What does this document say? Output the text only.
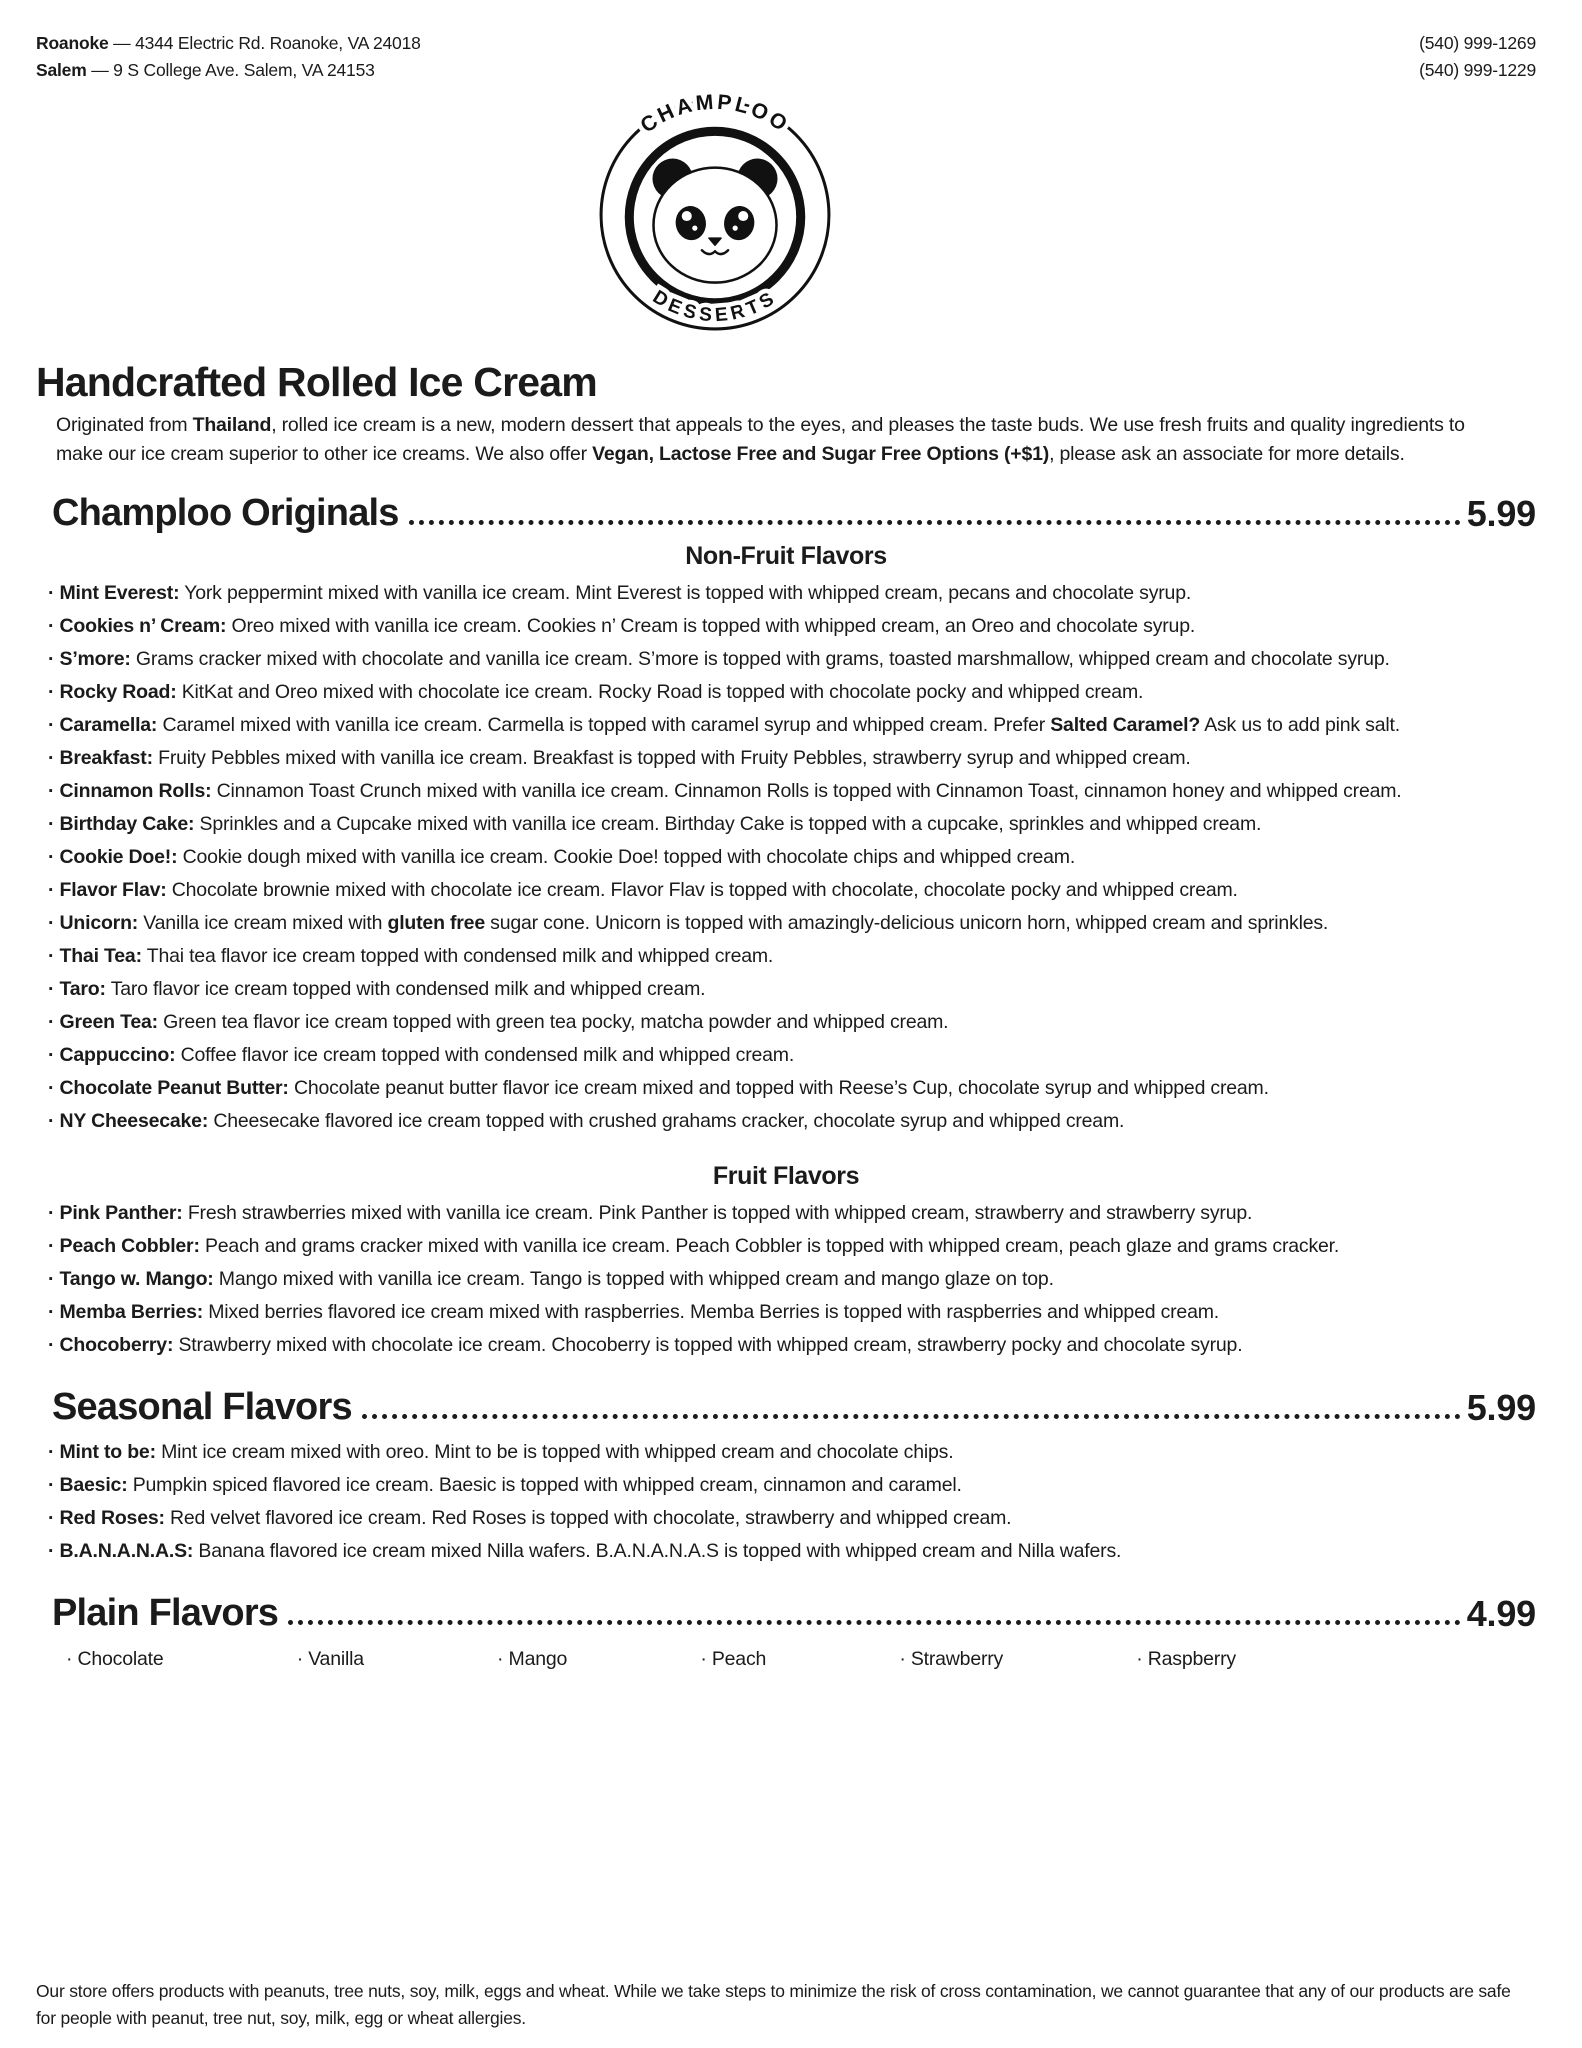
Roanoke — 4344 Electric Rd. Roanoke, VA 24018
Salem — 9 S College Ave. Salem, VA 24153
(540) 999-1269
(540) 999-1229
CHAMPLOO
DESSERTS
Handcrafted Rolled Ice Cream

Originated from Thailand, rolled ice cream is a new, modern dessert that appeals to the eyes, and pleases the taste buds. We use fresh fruits and quality ingredients to make our ice cream superior to other ice creams. We also offer Vegan, Lactose Free and Sugar Free Options (+$1), please ask an associate for more details.

Champloo Originals	5.99
Non-Fruit Flavors
· Mint Everest: York peppermint mixed with vanilla ice cream. Mint Everest is topped with whipped cream, pecans and chocolate syrup.
· Cookies n’ Cream: Oreo mixed with vanilla ice cream. Cookies n’ Cream is topped with whipped cream, an Oreo and chocolate syrup.
· S’more: Grams cracker mixed with chocolate and vanilla ice cream. S’more is topped with grams, toasted marshmallow, whipped cream and chocolate syrup.
· Rocky Road: KitKat and Oreo mixed with chocolate ice cream. Rocky Road is topped with chocolate pocky and whipped cream.
· Caramella: Caramel mixed with vanilla ice cream. Carmella is topped with caramel syrup and whipped cream. Prefer Salted Caramel? Ask us to add pink salt.
· Breakfast: Fruity Pebbles mixed with vanilla ice cream. Breakfast is topped with Fruity Pebbles, strawberry syrup and whipped cream.
· Cinnamon Rolls: Cinnamon Toast Crunch mixed with vanilla ice cream. Cinnamon Rolls is topped with Cinnamon Toast, cinnamon honey and whipped cream.
· Birthday Cake: Sprinkles and a Cupcake mixed with vanilla ice cream. Birthday Cake is topped with a cupcake, sprinkles and whipped cream.
· Cookie Doe!: Cookie dough mixed with vanilla ice cream. Cookie Doe! topped with chocolate chips and whipped cream.
· Flavor Flav: Chocolate brownie mixed with chocolate ice cream. Flavor Flav is topped with chocolate, chocolate pocky and whipped cream.
· Unicorn: Vanilla ice cream mixed with gluten free sugar cone. Unicorn is topped with amazingly-delicious unicorn horn, whipped cream and sprinkles.
· Thai Tea: Thai tea flavor ice cream topped with condensed milk and whipped cream.
· Taro: Taro flavor ice cream topped with condensed milk and whipped cream.
· Green Tea: Green tea flavor ice cream topped with green tea pocky, matcha powder and whipped cream.
· Cappuccino: Coffee flavor ice cream topped with condensed milk and whipped cream.
· Chocolate Peanut Butter: Chocolate peanut butter flavor ice cream mixed and topped with Reese’s Cup, chocolate syrup and whipped cream.
· NY Cheesecake: Cheesecake flavored ice cream topped with crushed grahams cracker, chocolate syrup and whipped cream.
Fruit Flavors
· Pink Panther: Fresh strawberries mixed with vanilla ice cream. Pink Panther is topped with whipped cream, strawberry and strawberry syrup.
· Peach Cobbler: Peach and grams cracker mixed with vanilla ice cream. Peach Cobbler is topped with whipped cream, peach glaze and grams cracker.
· Tango w. Mango: Mango mixed with vanilla ice cream. Tango is topped with whipped cream and mango glaze on top.
· Memba Berries: Mixed berries flavored ice cream mixed with raspberries. Memba Berries is topped with raspberries and whipped cream.
· Chocoberry: Strawberry mixed with chocolate ice cream. Chocoberry is topped with whipped cream, strawberry pocky and chocolate syrup.
Seasonal Flavors	5.99
· Mint to be: Mint ice cream mixed with oreo. Mint to be is topped with whipped cream and chocolate chips.
· Baesic: Pumpkin spiced flavored ice cream. Baesic is topped with whipped cream, cinnamon and caramel.
· Red Roses: Red velvet flavored ice cream. Red Roses is topped with chocolate, strawberry and whipped cream.
· B.A.N.A.N.A.S: Banana flavored ice cream mixed Nilla wafers. B.A.N.A.N.A.S is topped with whipped cream and Nilla wafers.
Plain Flavors	4.99
· Chocolate	· Vanilla	· Mango	· Peach	· Strawberry	· Raspberry
Our store offers products with peanuts, tree nuts, soy, milk, eggs and wheat. While we take steps to minimize the risk of cross contamination, we cannot guarantee that any of our products are safe for people with peanut, tree nut, soy, milk, egg or wheat allergies.
